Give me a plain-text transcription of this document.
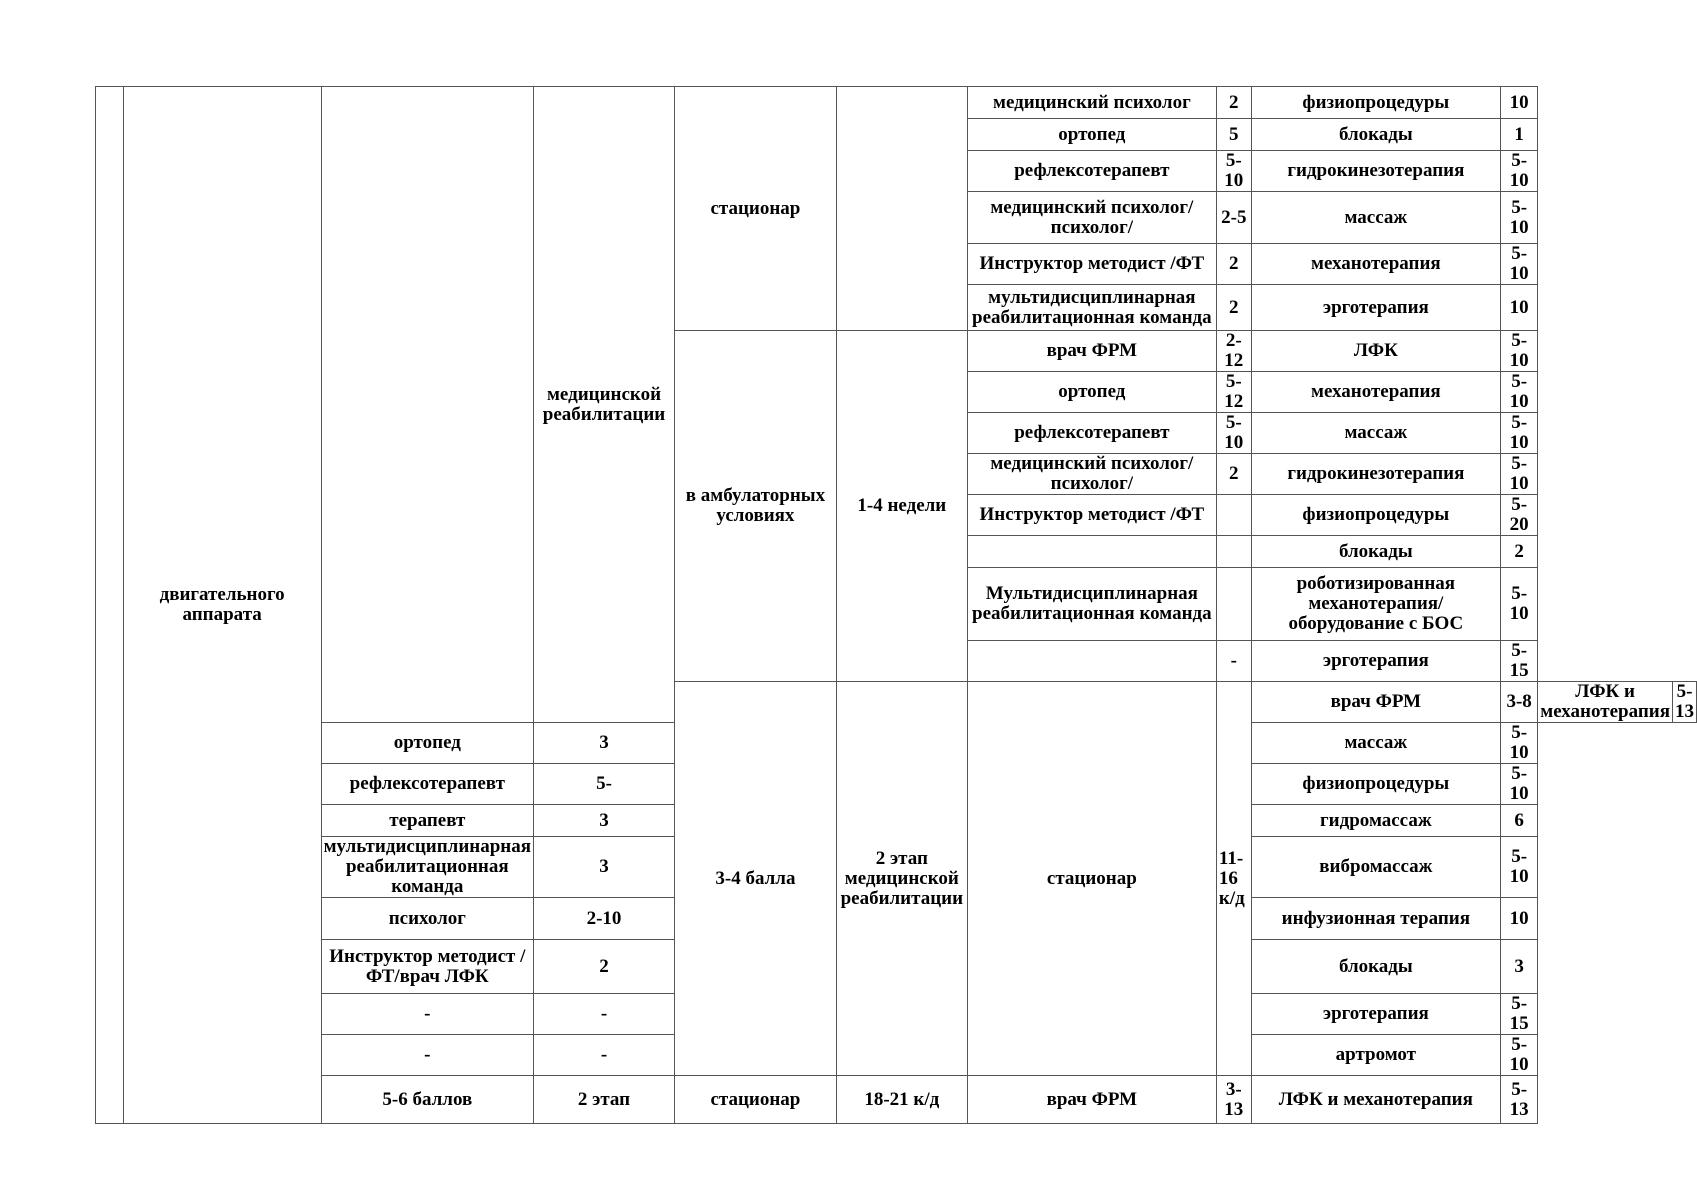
	двигательного аппарата		медицинской реабилитации	стационар		медицинский психолог	2	физиопроцедуры	10		
						ортопед	5	блокады	1		
						рефлексотерапевт	5-10	гидрокинезотерапия	5-10		
						медицинский психолог/психолог/	2-5	массаж	5-10		
						Инструктор методист /ФТ	2	механотерапия	5-10		
						мультидисциплинарная реабилитационная команда	2	эрготерапия	10		
				в амбулаторных условиях	1-4 недели	врач ФРМ	2-12	ЛФК	5-10		
						ортопед	5-12	механотерапия	5-10		
						рефлексотерапевт	5-10	массаж	5-10		
						медицинский психолог/ психолог/	2	гидрокинезотерапия	5-10		
						Инструктор методист /ФТ		физиопроцедуры	5-20		
								блокады	2		
						Мультидисциплинарная реабилитационная команда		роботизированная механотерапия/оборудование с БОС	5-10		
							-	эрготерапия	5-15		
				3-4 балла	2 этап медицинской реабилитации	стационар	11-16 к/д	врач ФРМ	3-8	ЛФК и механотерапия	5-13
		ортопед	3					массаж	5-10		
		рефлексотерапевт	5-					физиопроцедуры	5-10		
		терапевт	3					гидромассаж	6		
		мультидисциплинарная реабилитационная команда	3					вибромассаж	5-10		
		психолог	2-10					инфузионная терапия	10		
		Инструктор методист /ФТ/врач ЛФК	2					блокады	3		
		-	-					эрготерапия	5-15		
		-	-					артромот	5-10		
		5-6 баллов	2 этап	стационар	18-21 к/д	врач ФРМ	3-13	ЛФК и механотерапия	5-13		
